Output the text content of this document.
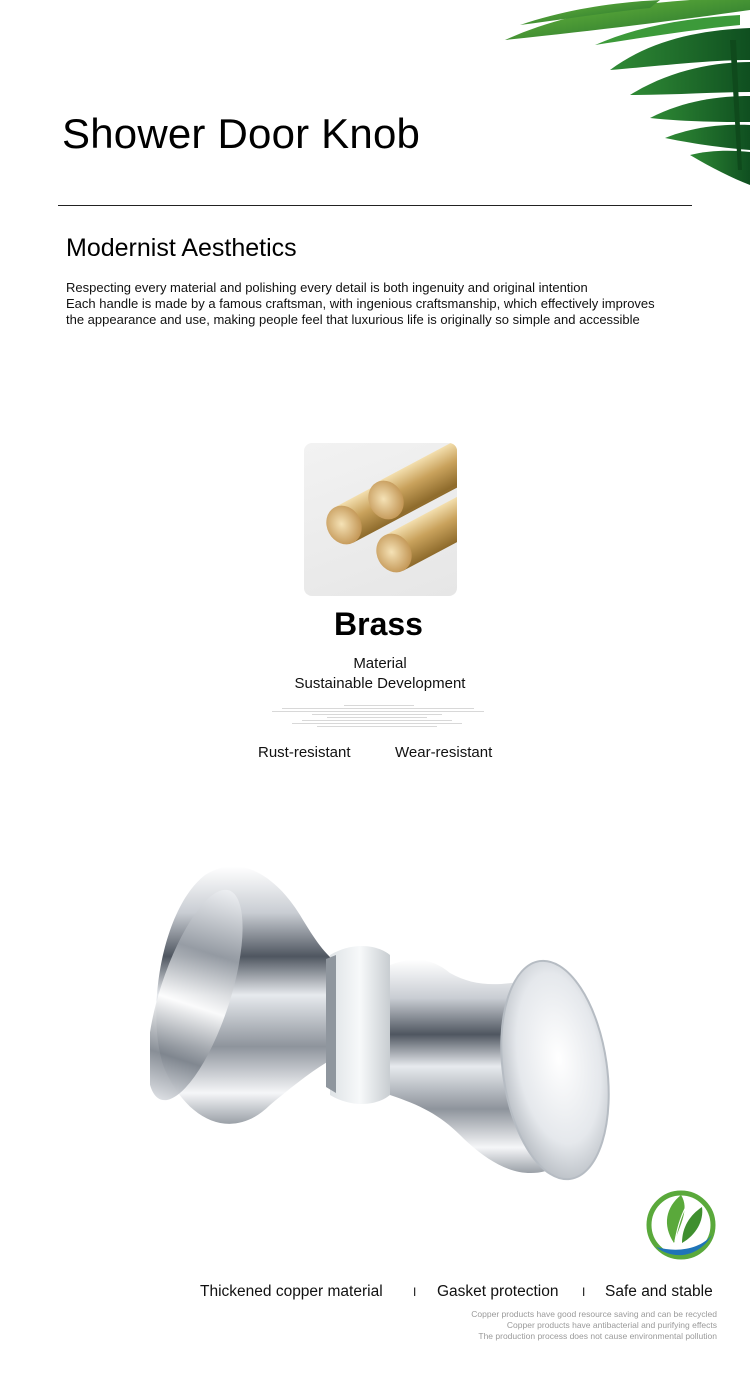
Shower Door Knob
Modernist Aesthetics
Respecting every material and polishing every detail is both ingenuity and original intention
Each handle is made by a famous craftsman, with ingenious craftsmanship, which effectively improves
the appearance and use, making people feel that luxurious life is originally so simple and accessible
Brass
Material
Sustainable Development
Rust-resistant	Wear-resistant
Thickened copper material	I Gasket protection I Safe and stable
Copper products have good resource saving and can be recycled
Copper products have antibacterial and purifying effects
The production process does not cause environmental pollution
